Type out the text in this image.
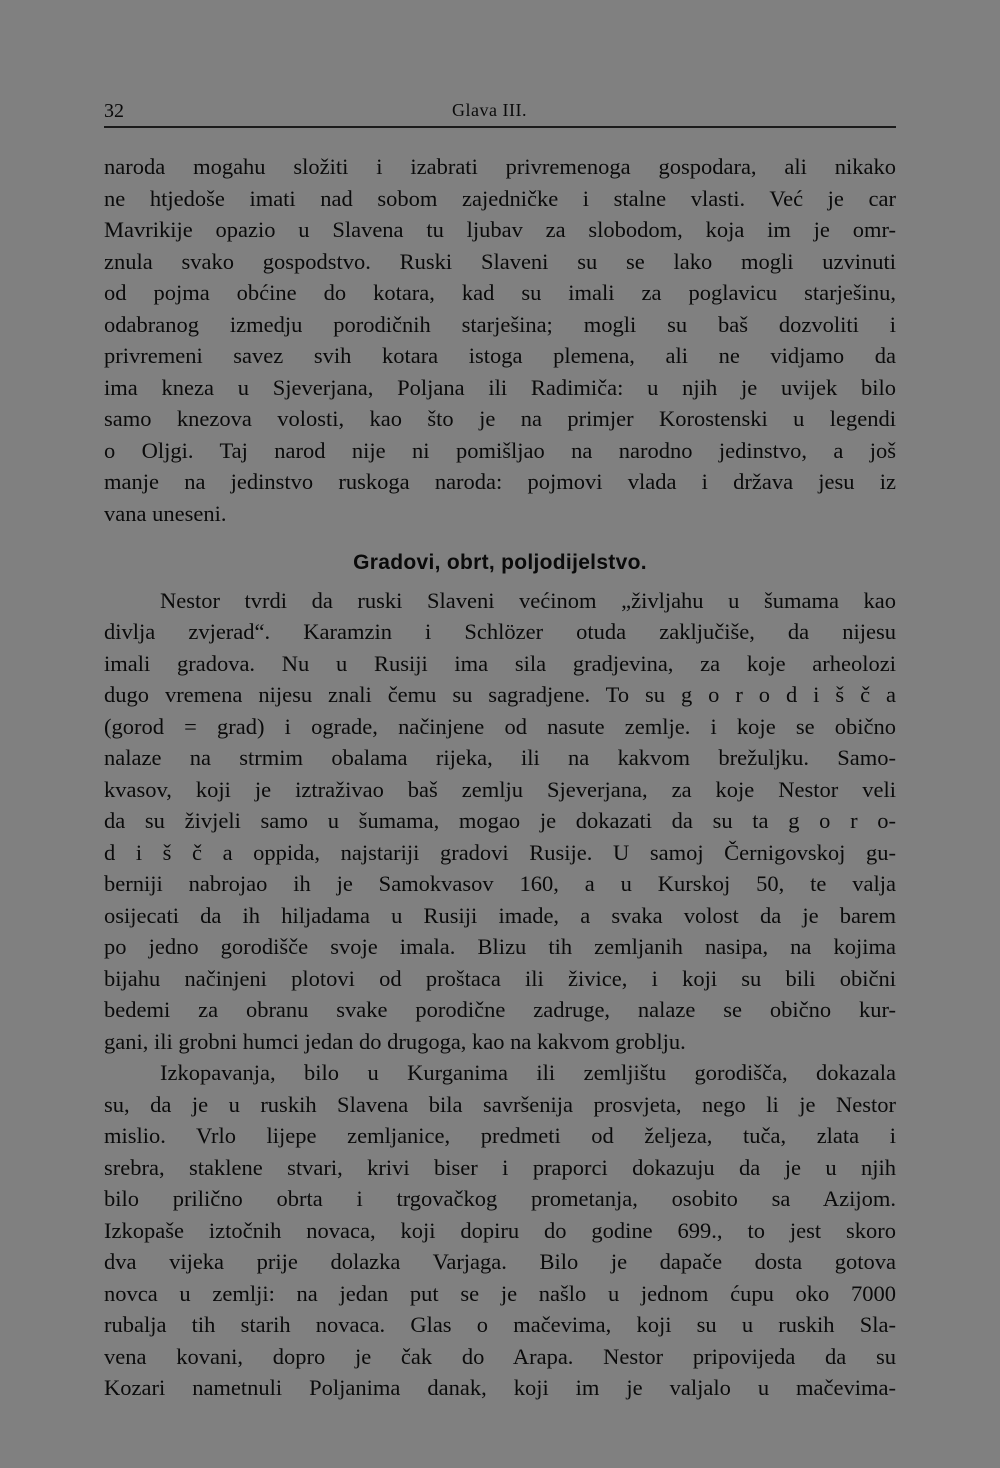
32	Glava III.
naroda mogahu složiti i izabrati privremenoga gospodara, ali nikako
ne htjedoše imati nad sobom zajedničke i stalne vlasti. Već je car
Mavrikije opazio u Slavena tu ljubav za slobodom, koja im je omr-
znula svako gospodstvo. Ruski Slaveni su se lako mogli uzvinuti
od pojma obćine do kotara, kad su imali za poglavicu starješinu,
odabranog izmedju porodičnih starješina; mogli su baš dozvoliti i
privremeni savez svih kotara istoga plemena, ali ne vidjamo da
ima kneza u Sjeverjana, Poljana ili Radimiča: u njih je uvijek bilo
samo knezova volosti, kao što je na primjer Korostenski u legendi
o Oljgi. Taj narod nije ni pomišljao na narodno jedinstvo, a još
manje na jedinstvo ruskoga naroda: pojmovi vlada i država jesu iz
vana uneseni.
Gradovi, obrt, poljodijelstvo.
Nestor tvrdi da ruski Slaveni većinom „življahu u šumama kao
divlja zvjerad“. Karamzin i Schlözer otuda zaključiše, da nijesu
imali gradova. Nu u Rusiji ima sila gradjevina, za koje arheolozi
dugo vremena nijesu znali čemu su sagradjene. To su g o r o d i š č a
(gorod = grad) i ograde, načinjene od nasute zemlje. i koje se obično
nalaze na strmim obalama rijeka, ili na kakvom brežuljku. Samo-
kvasov, koji je iztraživao baš zemlju Sjeverjana, za koje Nestor veli
da su živjeli samo u šumama, mogao je dokazati da su ta g o r o-
d i š č a oppida, najstariji gradovi Rusije. U samoj Černigovskoj gu-
berniji nabrojao ih je Samokvasov 160, a u Kurskoj 50, te valja
osijecati da ih hiljadama u Rusiji imade, a svaka volost da je barem
po jedno gorodišče svoje imala. Blizu tih zemljanih nasipa, na kojima
bijahu načinjeni plotovi od proštaca ili živice, i koji su bili obični
bedemi za obranu svake porodične zadruge, nalaze se obično kur-
gani, ili grobni humci jedan do drugoga, kao na kakvom groblju.
Izkopavanja, bilo u Kurganima ili zemljištu gorodišča, dokazala
su, da je u ruskih Slavena bila savršenija prosvjeta, nego li je Nestor
mislio. Vrlo lijepe zemljanice, predmeti od željeza, tuča, zlata i
srebra, staklene stvari, krivi biser i praporci dokazuju da je u njih
bilo prilično obrta i trgovačkog prometanja, osobito sa Azijom.
Izkopaše iztočnih novaca, koji dopiru do godine 699., to jest skoro
dva vijeka prije dolazka Varjaga. Bilo je dapače dosta gotova
novca u zemlji: na jedan put se je našlo u jednom ćupu oko 7000
rubalja tih starih novaca. Glas o mačevima, koji su u ruskih Sla-
vena kovani, dopro je čak do Arapa. Nestor pripovijeda da su
Kozari nametnuli Poljanima danak, koji im je valjalo u mačevima-
